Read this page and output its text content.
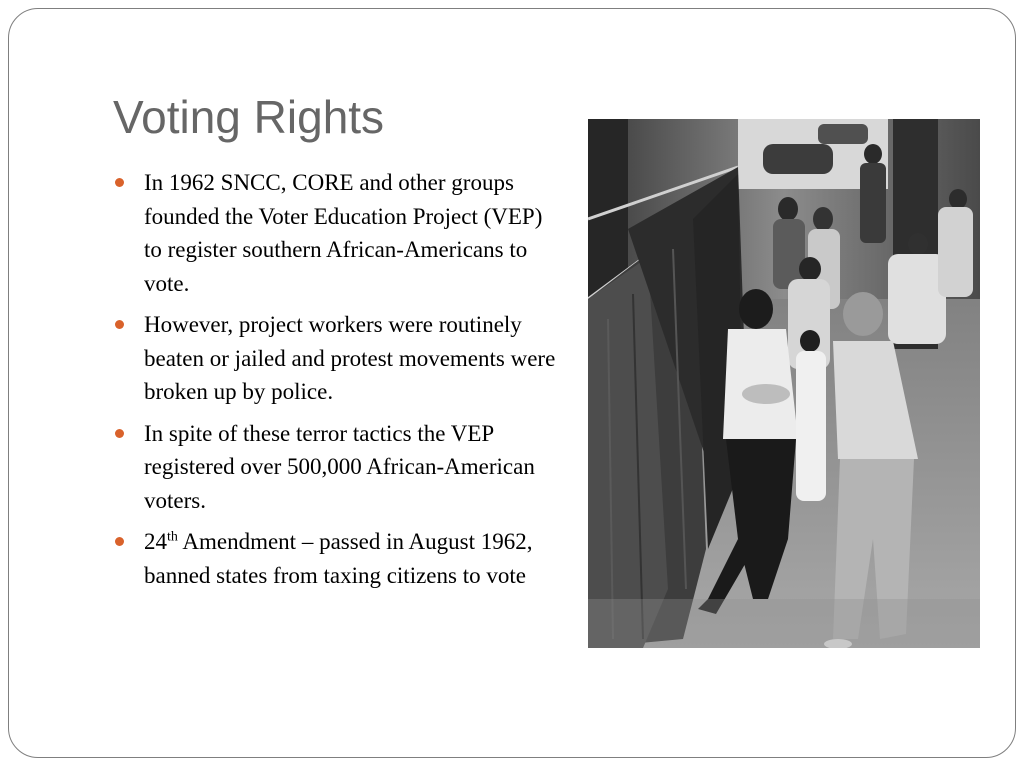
Voting Rights
In 1962 SNCC, CORE and other groups founded the Voter Education Project (VEP) to register southern African-Americans to vote.
However, project workers were routinely beaten or jailed and protest movements were broken up by police.
In spite of these terror tactics the VEP registered over 500,000 African-American voters.
24th Amendment – passed in August 1962, banned states from taxing citizens to vote
